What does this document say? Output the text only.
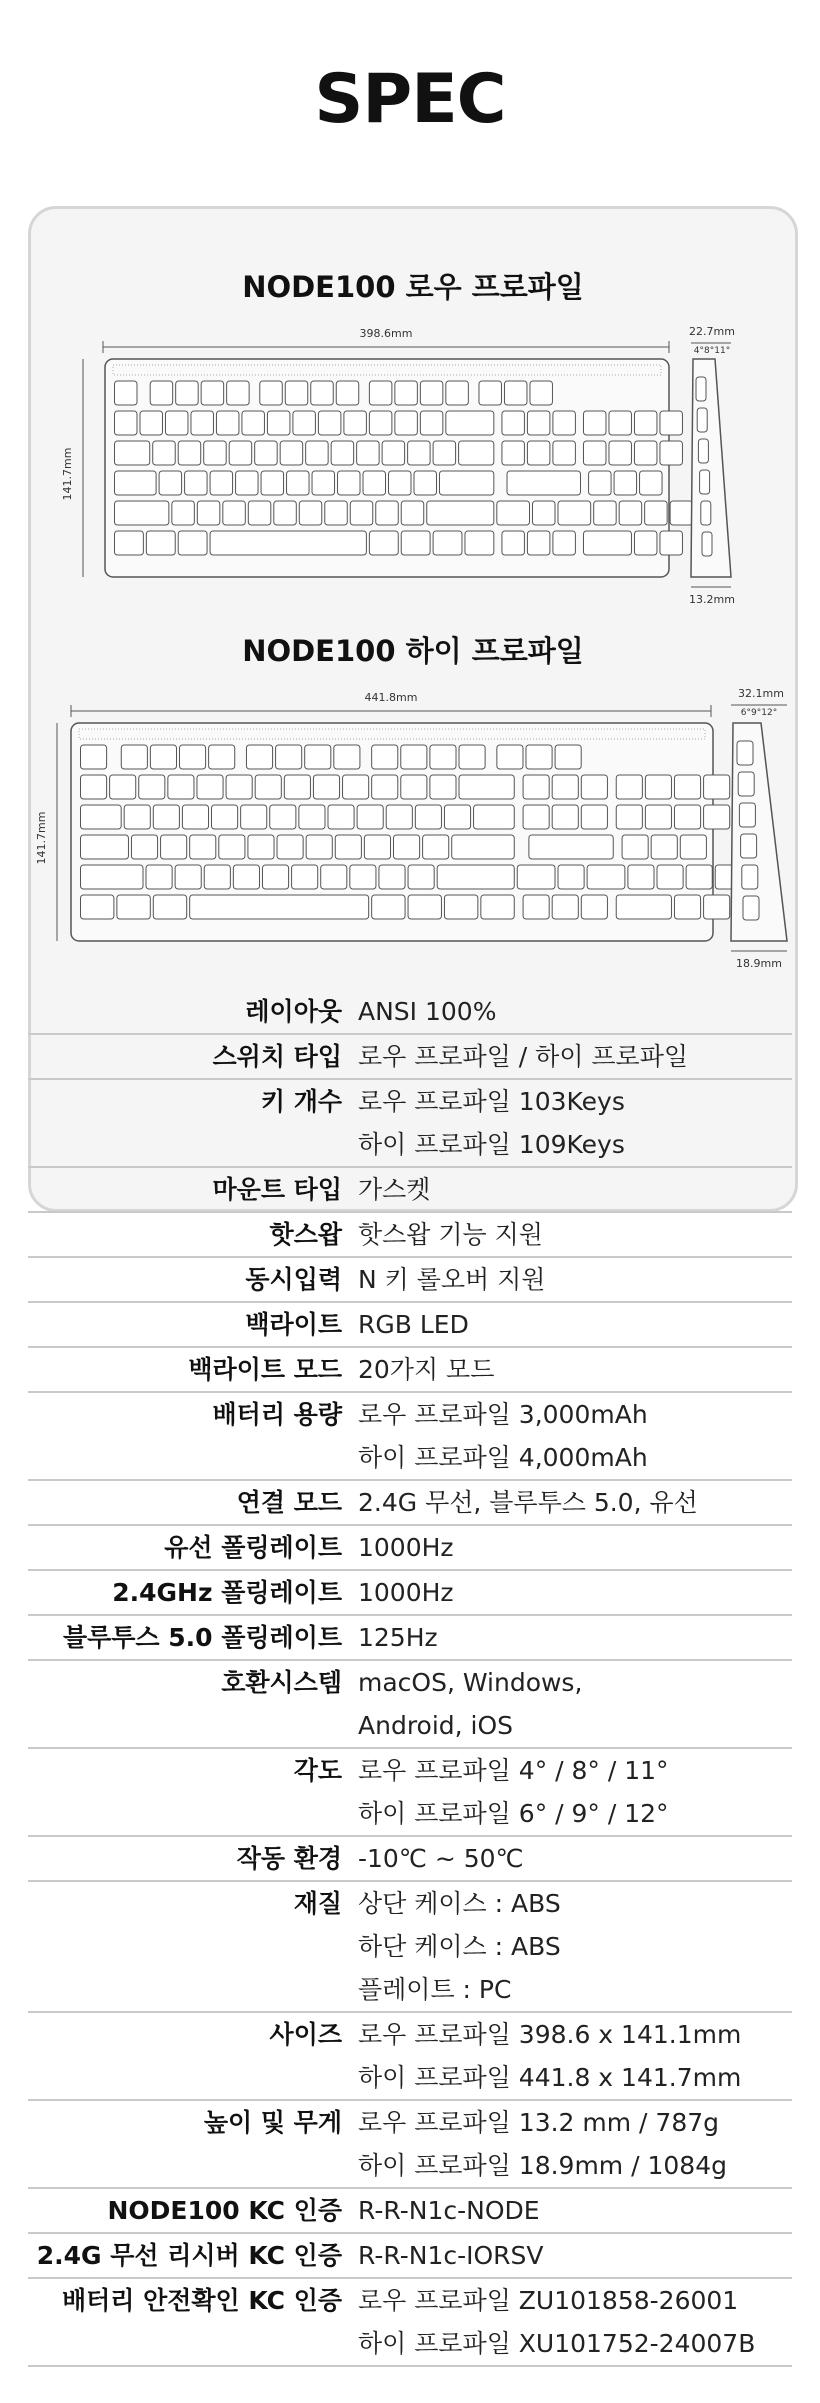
SPEC
NODE100 로우 프로파일
398.6mm
141.7mm
22.7mm
4°8°11°
13.2mm
NODE100 하이 프로파일
441.8mm
141.7mm
32.1mm
6°9°12°
18.9mm
레이아웃 ANSI 100%
스위치 타입 로우 프로파일 / 하이 프로파일
키 개수 로우 프로파일 103Keys
하이 프로파일 109Keys
마운트 타입 가스켓
핫스왑 핫스왑 기능 지원
동시입력 N 키 롤오버 지원
백라이트 RGB LED
백라이트 모드 20가지 모드
배터리 용량 로우 프로파일 3,000mAh
하이 프로파일 4,000mAh
연결 모드 2.4G 무선, 블루투스 5.0, 유선
유선 폴링레이트 1000Hz
2.4GHz 폴링레이트 1000Hz
블루투스 5.0 폴링레이트 125Hz
호환시스템 macOS, Windows,
Android, iOS
각도 로우 프로파일 4° / 8° / 11°
하이 프로파일 6° / 9° / 12°
작동 환경 -10℃ ~ 50℃
재질 상단 케이스 : ABS
하단 케이스 : ABS
플레이트 : PC
사이즈 로우 프로파일 398.6 x 141.1mm
하이 프로파일 441.8 x 141.7mm
높이 및 무게 로우 프로파일 13.2 mm / 787g
하이 프로파일 18.9mm / 1084g
NODE100 KC 인증 R-R-N1c-NODE
2.4G 무선 리시버 KC 인증 R-R-N1c-IORSV
배터리 안전확인 KC 인증 로우 프로파일 ZU101858-26001
하이 프로파일 XU101752-24007B
